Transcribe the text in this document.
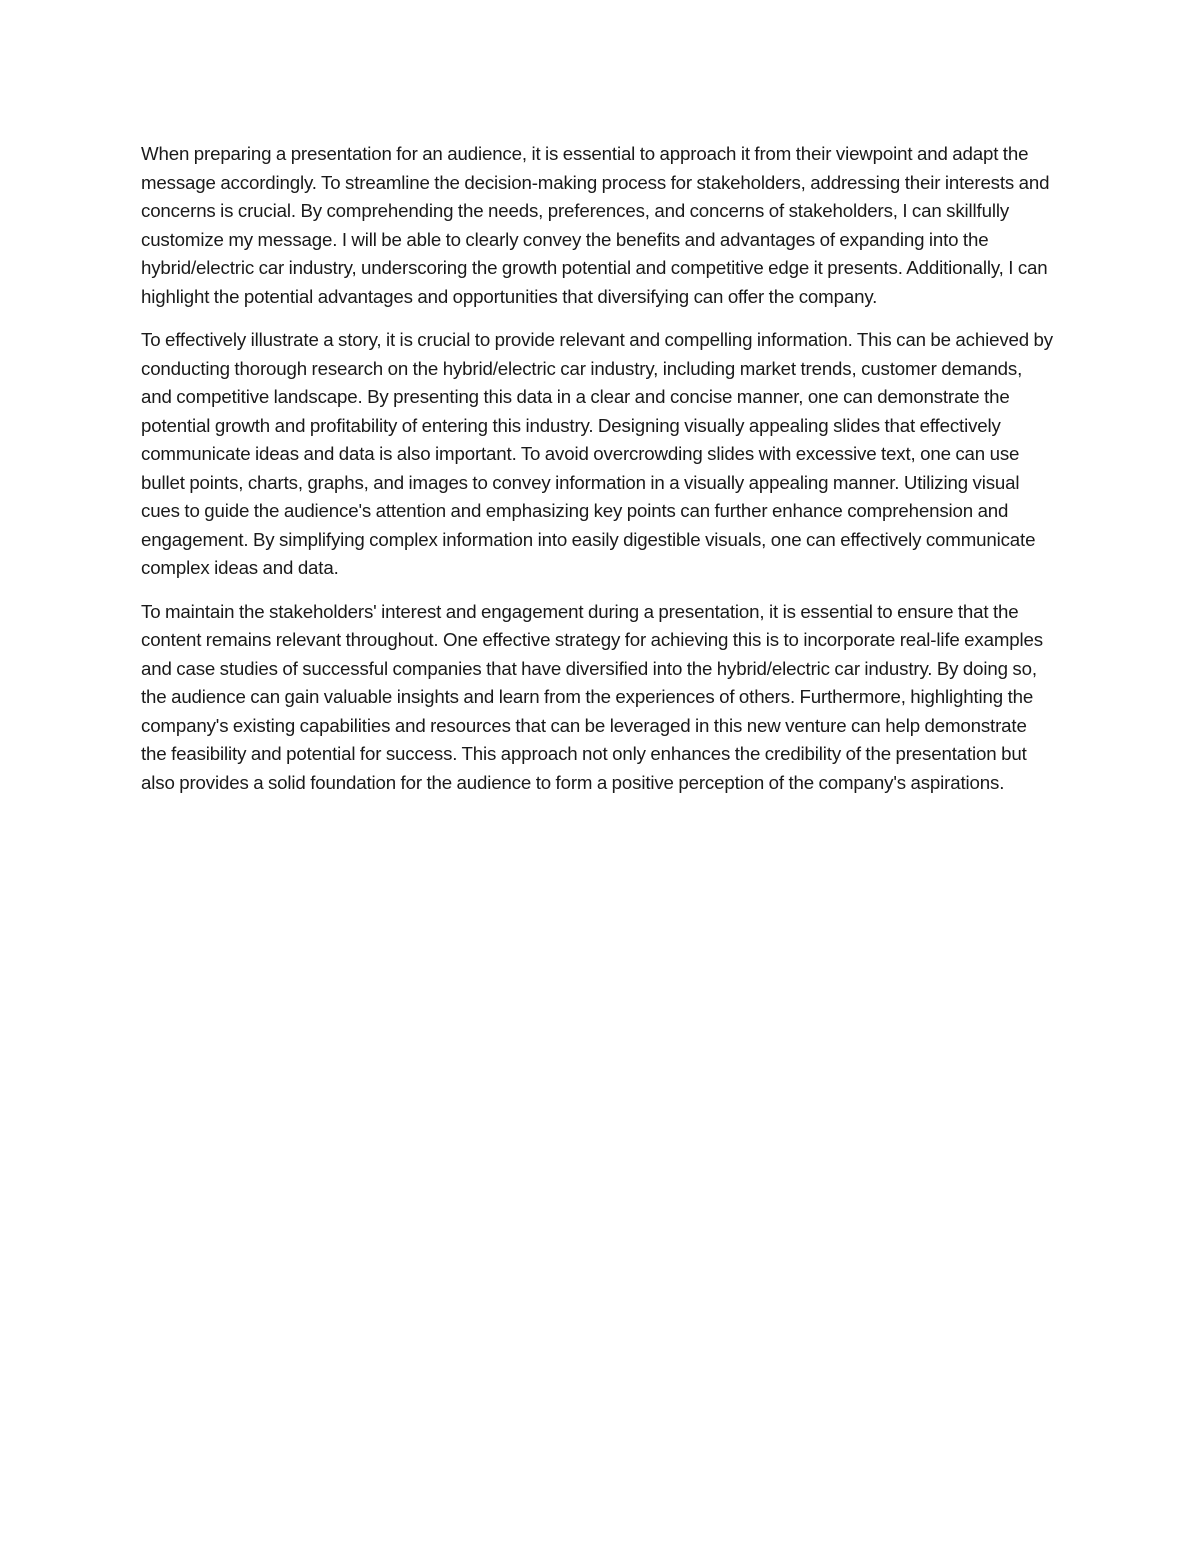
When preparing a presentation for an audience, it is essential to approach it from their viewpoint and adapt the message accordingly. To streamline the decision-making process for stakeholders, addressing their interests and concerns is crucial. By comprehending the needs, preferences, and concerns of stakeholders, I can skillfully customize my message. I will be able to clearly convey the benefits and advantages of expanding into the hybrid/electric car industry, underscoring the growth potential and competitive edge it presents. Additionally, I can highlight the potential advantages and opportunities that diversifying can offer the company.

To effectively illustrate a story, it is crucial to provide relevant and compelling information. This can be achieved by conducting thorough research on the hybrid/electric car industry, including market trends, customer demands, and competitive landscape. By presenting this data in a clear and concise manner, one can demonstrate the potential growth and profitability of entering this industry. Designing visually appealing slides that effectively communicate ideas and data is also important. To avoid overcrowding slides with excessive text, one can use bullet points, charts, graphs, and images to convey information in a visually appealing manner. Utilizing visual cues to guide the audience's attention and emphasizing key points can further enhance comprehension and engagement. By simplifying complex information into easily digestible visuals, one can effectively communicate complex ideas and data.

To maintain the stakeholders' interest and engagement during a presentation, it is essential to ensure that the content remains relevant throughout. One effective strategy for achieving this is to incorporate real-life examples and case studies of successful companies that have diversified into the hybrid/electric car industry. By doing so, the audience can gain valuable insights and learn from the experiences of others. Furthermore, highlighting the company's existing capabilities and resources that can be leveraged in this new venture can help demonstrate the feasibility and potential for success. This approach not only enhances the credibility of the presentation but also provides a solid foundation for the audience to form a positive perception of the company's aspirations.
